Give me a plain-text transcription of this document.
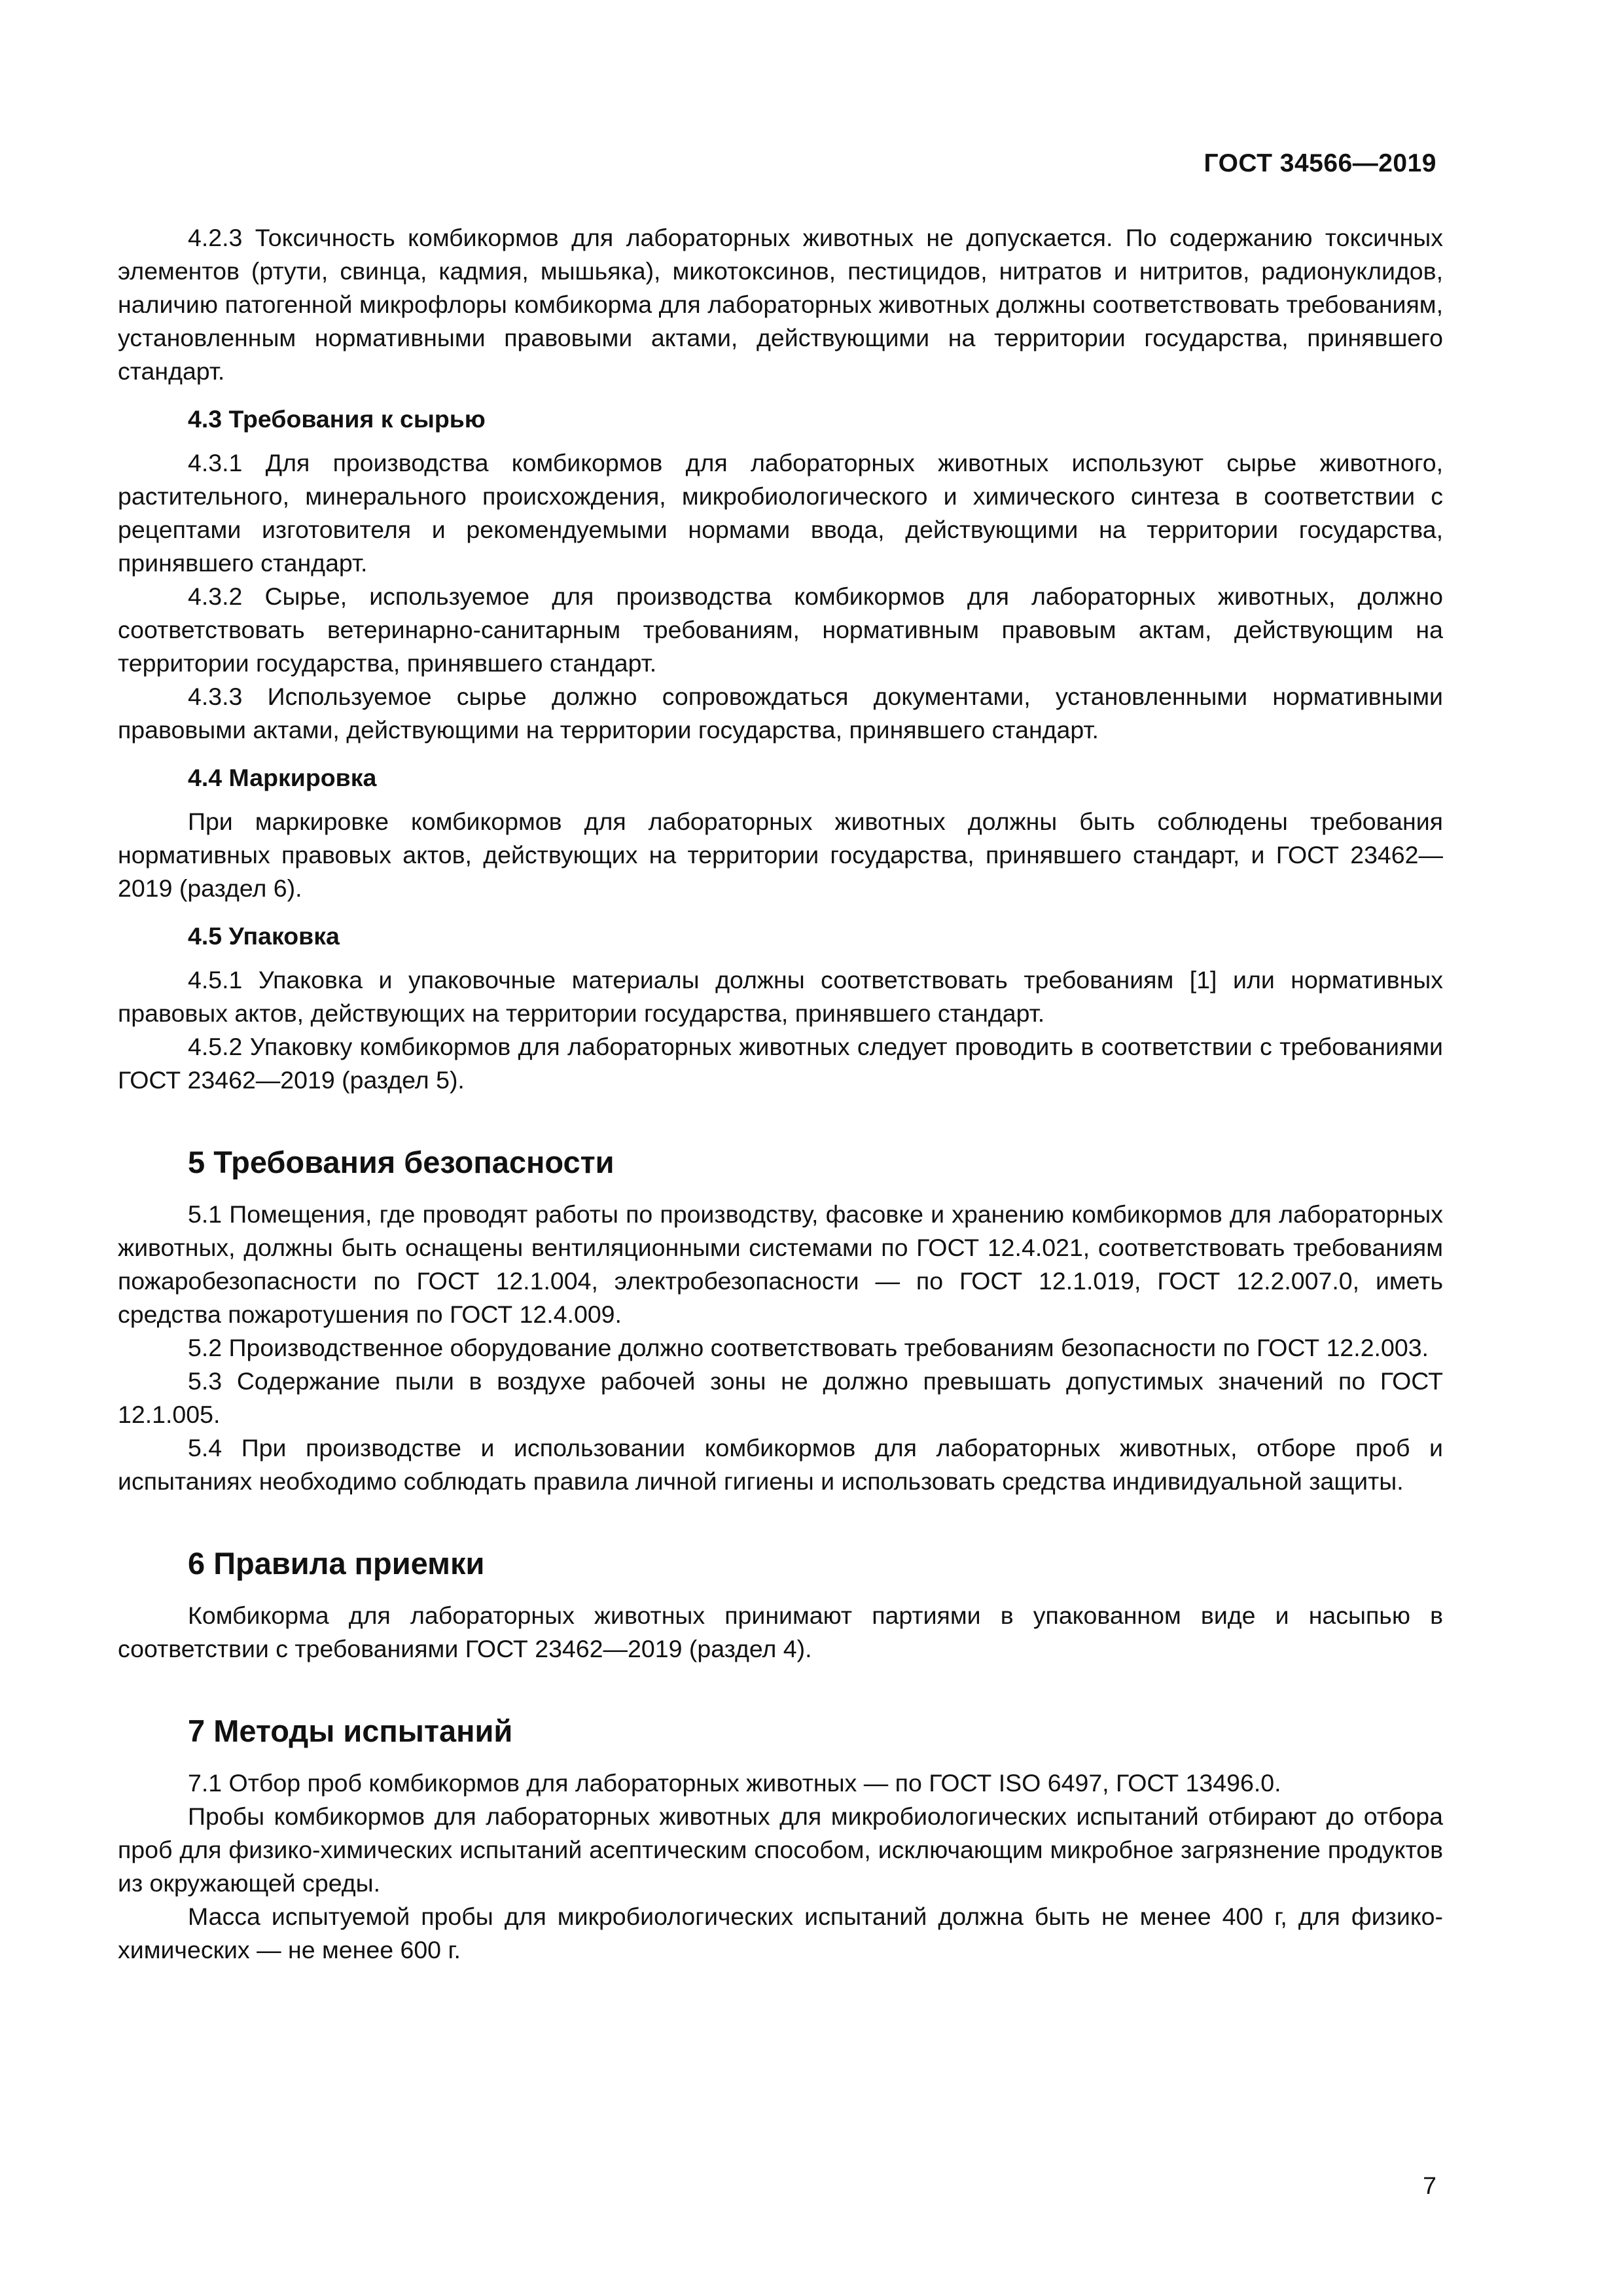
ГОСТ 34566—2019

4.2.3 Токсичность комбикормов для лабораторных животных не допускается. По содержанию токсичных элементов (ртути, свинца, кадмия, мышьяка), микотоксинов, пестицидов, нитратов и нитритов, радионуклидов, наличию патогенной микрофлоры комбикорма для лабораторных животных должны соответствовать требованиям, установленным нормативными правовыми актами, действующими на территории государства, принявшего стандарт.

4.3 Требования к сырью

4.3.1 Для производства комбикормов для лабораторных животных используют сырье животного, растительного, минерального происхождения, микробиологического и химического синтеза в соответствии с рецептами изготовителя и рекомендуемыми нормами ввода, действующими на территории государства, принявшего стандарт.

4.3.2 Сырье, используемое для производства комбикормов для лабораторных животных, должно соответствовать ветеринарно-санитарным требованиям, нормативным правовым актам, действующим на территории государства, принявшего стандарт.

4.3.3 Используемое сырье должно сопровождаться документами, установленными нормативными правовыми актами, действующими на территории государства, принявшего стандарт.

4.4 Маркировка

При маркировке комбикормов для лабораторных животных должны быть соблюдены требования нормативных правовых актов, действующих на территории государства, принявшего стандарт, и ГОСТ 23462—2019 (раздел 6).

4.5 Упаковка

4.5.1 Упаковка и упаковочные материалы должны соответствовать требованиям [1] или нормативных правовых актов, действующих на территории государства, принявшего стандарт.

4.5.2 Упаковку комбикормов для лабораторных животных следует проводить в соответствии с требованиями ГОСТ 23462—2019 (раздел 5).

5 Требования безопасности

5.1 Помещения, где проводят работы по производству, фасовке и хранению комбикормов для лабораторных животных, должны быть оснащены вентиляционными системами по ГОСТ 12.4.021, соответствовать требованиям пожаробезопасности по ГОСТ 12.1.004, электробезопасности — по ГОСТ 12.1.019, ГОСТ 12.2.007.0, иметь средства пожаротушения по ГОСТ 12.4.009.

5.2 Производственное оборудование должно соответствовать требованиям безопасности по ГОСТ 12.2.003.

5.3 Содержание пыли в воздухе рабочей зоны не должно превышать допустимых значений по ГОСТ 12.1.005.

5.4 При производстве и использовании комбикормов для лабораторных животных, отборе проб и испытаниях необходимо соблюдать правила личной гигиены и использовать средства индивидуальной защиты.

6 Правила приемки

Комбикорма для лабораторных животных принимают партиями в упакованном виде и насыпью в соответствии с требованиями ГОСТ 23462—2019 (раздел 4).

7 Методы испытаний

7.1 Отбор проб комбикормов для лабораторных животных — по ГОСТ ISO 6497, ГОСТ 13496.0.

Пробы комбикормов для лабораторных животных для микробиологических испытаний отбирают до отбора проб для физико-химических испытаний асептическим способом, исключающим микробное загрязнение продуктов из окружающей среды.

Масса испытуемой пробы для микробиологических испытаний должна быть не менее 400 г, для физико-химических — не менее 600 г.

7
